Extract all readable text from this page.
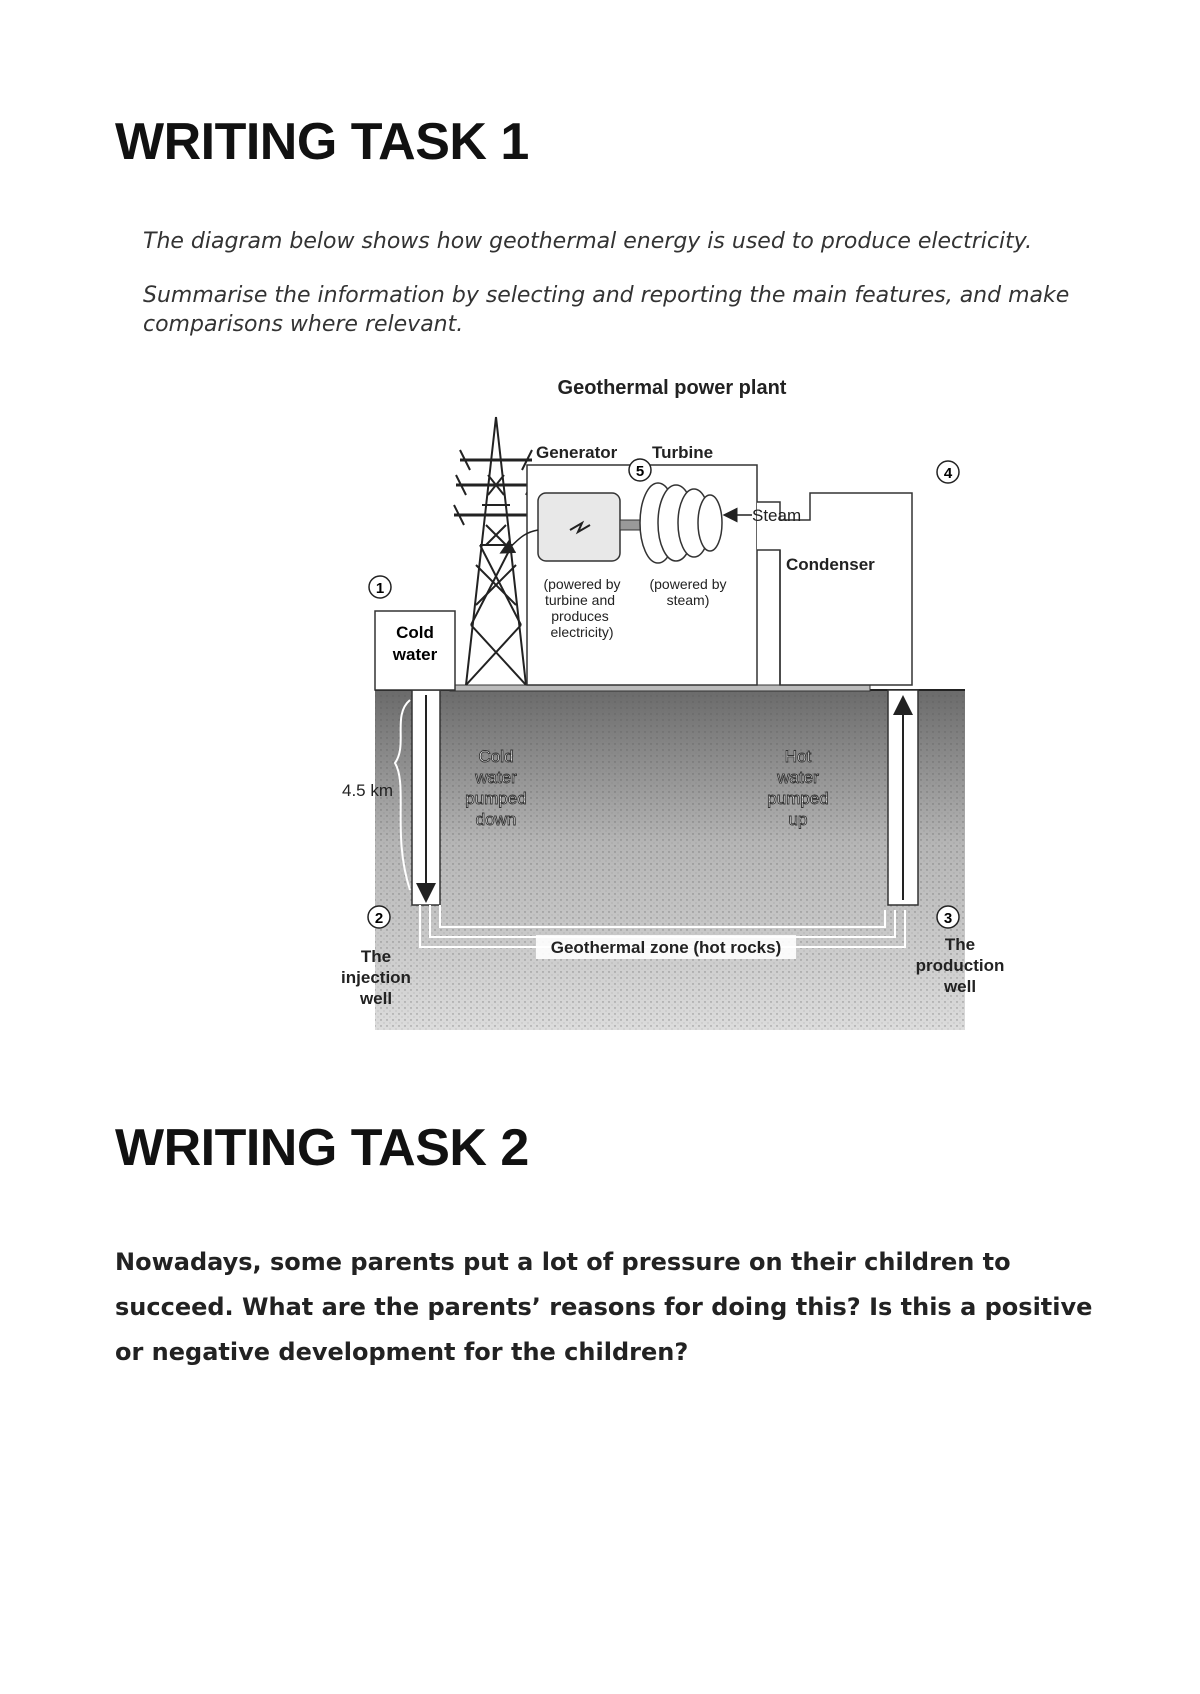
WRITING TASK 1

The diagram below shows how geothermal energy is used to produce electricity.

Summarise the information by selecting and reporting the main features, and make comparisons where relevant.

Geothermal power plant
Geothermal zone (hot rocks)
4.5 km
Cold
water
Steam
Generator Turbine
Condenser
(powered by
turbine and
produces
electricity)
(powered by
steam)
Cold
water
pumped
down
Hot
water
pumped
up
The
injection
well
The
production
well
1
2	3
4
5
WRITING TASK 2

Nowadays, some parents put a lot of pressure on their children to succeed. What are the parents’ reasons for doing this? Is this a positive or negative development for the children?
